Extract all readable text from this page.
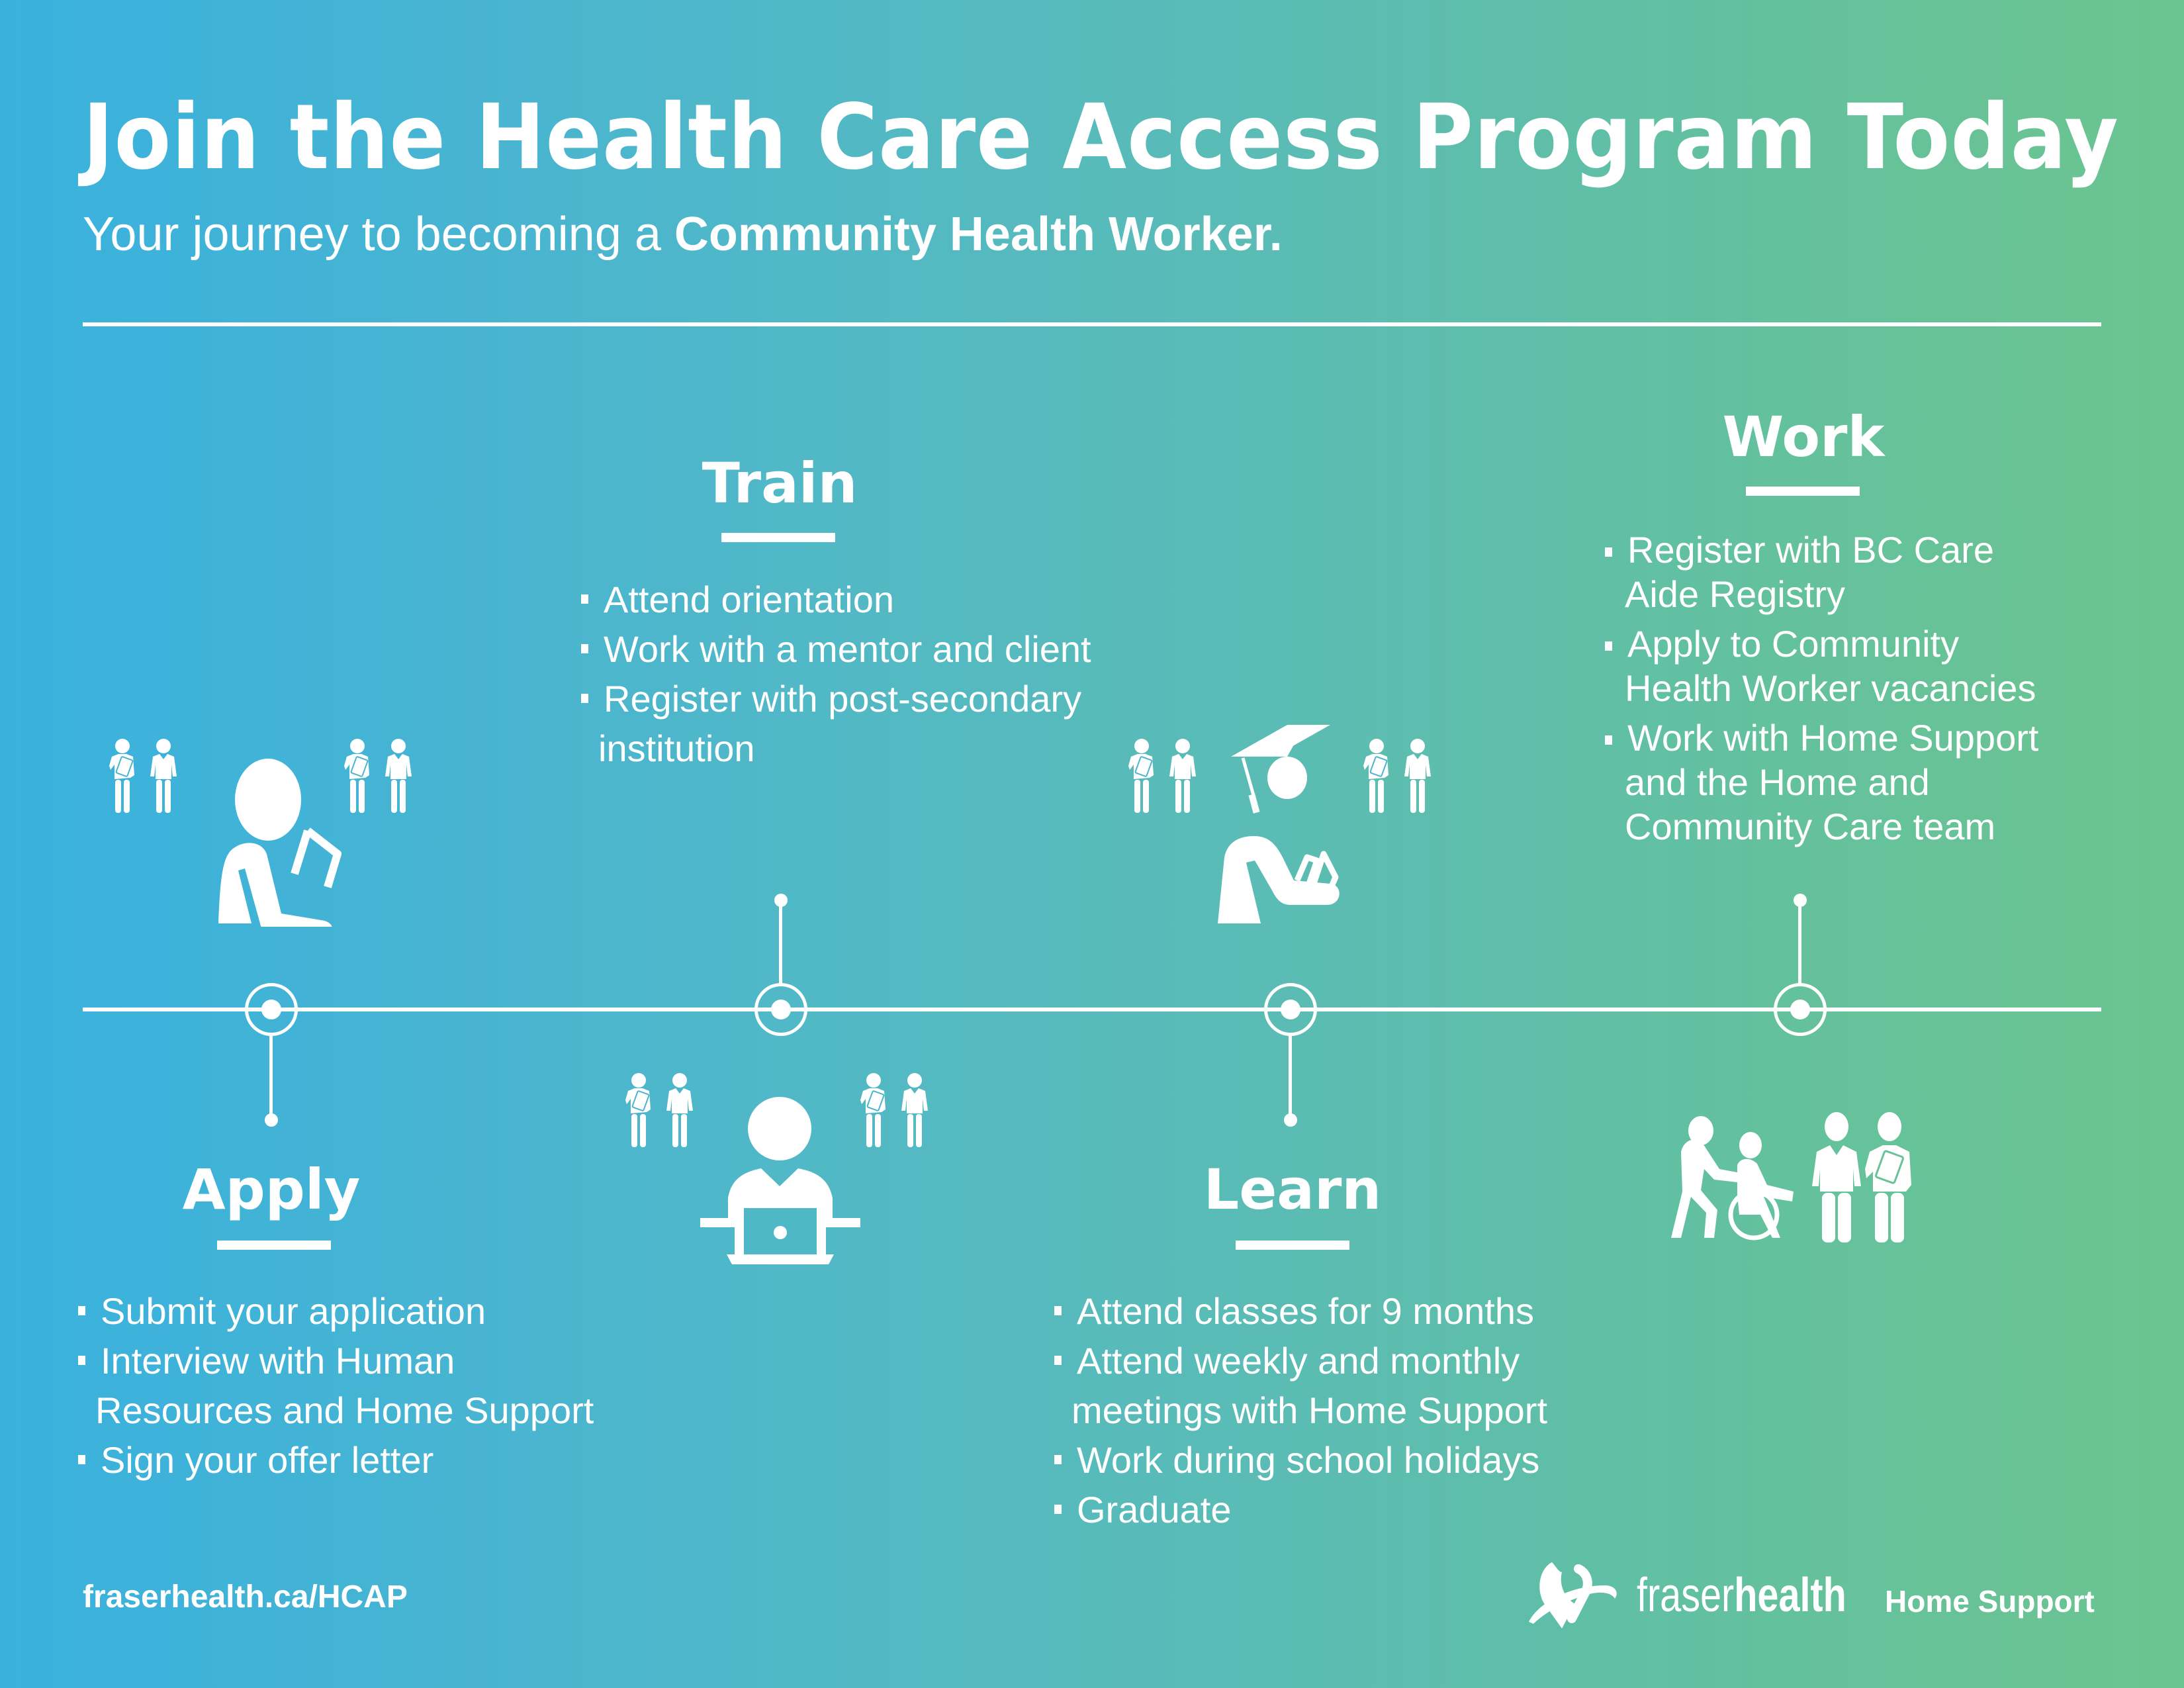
Join the Health Care Access Program Today
Your journey to becoming a Community Health Worker.
Apply
Submit your application
Interview with Human
Resources and Home Support
Sign your offer letter
Train
Attend orientation
Work with a mentor and client
Register with post-secondary
institution
Learn
Attend classes for 9 months
Attend weekly and monthly
meetings with Home Support
Work during school holidays
Graduate
Work
Register with BC Care
Aide Registry
Apply to Community
Health Worker vacancies
Work with Home Support
and the Home and
Community Care team
fraserhealth.ca/HCAP	fraserhealth Home Support
